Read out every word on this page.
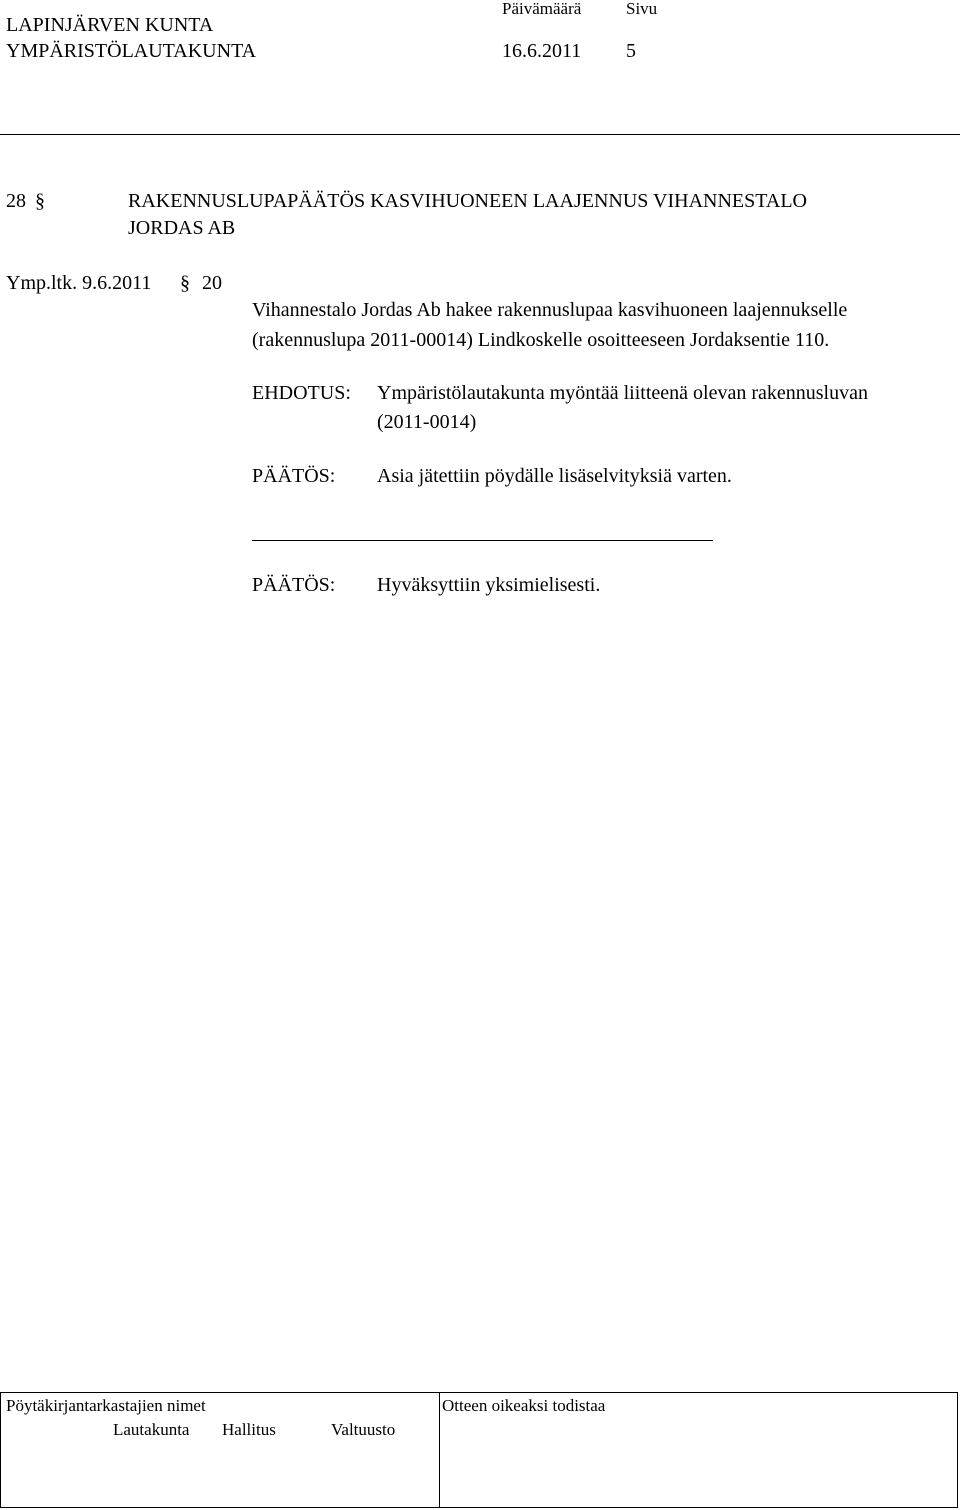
LAPINJÄRVEN KUNTA
YMPÄRISTÖLAUTAKUNTA
Päivämäärä	Sivu
16.6.2011 5
28 §	RAKENNUSLUPAPÄÄTÖS KASVIHUONEEN LAAJENNUS VIHANNESTALO
JORDAS AB
Ymp.ltk. 9.6.2011 § 20
Vihannestalo Jordas Ab hakee rakennuslupaa kasvihuoneen laajennukselle
(rakennuslupa 2011-00014) Lindkoskelle osoitteeseen Jordaksentie 110.
EHDOTUS: Ympäristölautakunta myöntää liitteenä olevan rakennusluvan
(2011-0014)
PÄÄTÖS: Asia jätettiin pöydälle lisäselvityksiä varten.
PÄÄTÖS: Hyväksyttiin yksimielisesti.
Pöytäkirjantarkastajien nimet	Otteen oikeaksi todistaa
Lautakunta Hallitus	Valtuusto
